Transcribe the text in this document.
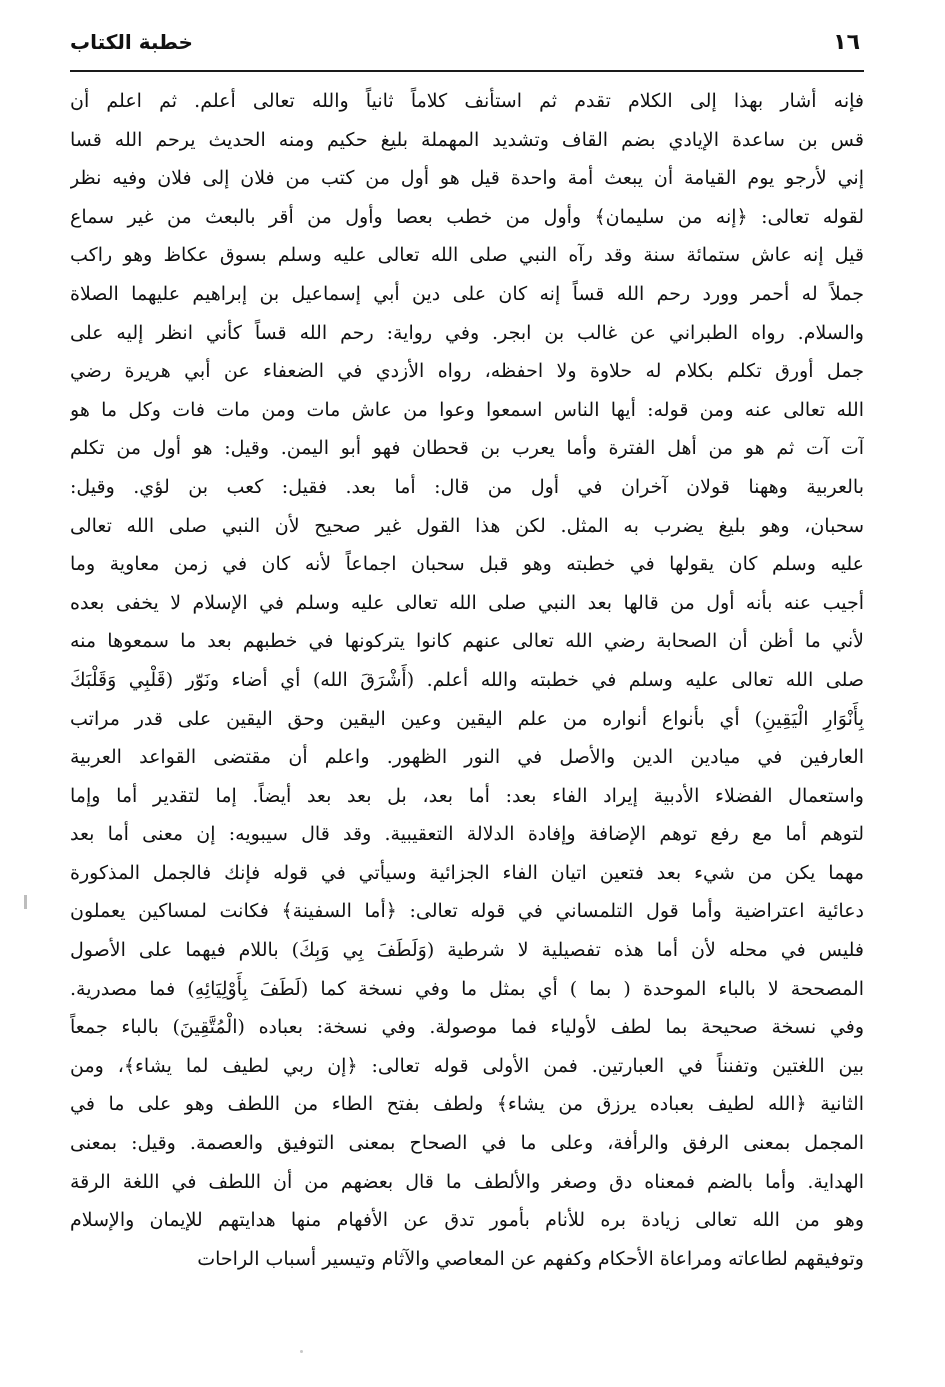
١٦
خطبة الكتاب
فإنه أشار بهذا إلى الكلام تقدم ثم استأنف كلاماً ثانياً والله تعالى أعلم. ثم اعلم أن
قس بن ساعدة الإيادي بضم القاف وتشديد المهملة بليغ حكيم ومنه الحديث يرحم الله قسا
إني لأرجو يوم القيامة أن يبعث أمة واحدة قيل هو أول من كتب من فلان إلى فلان وفيه نظر
لقوله تعالى: ﴿إنه من سليمان﴾ وأول من خطب بعصا وأول من أقر بالبعث من غير سماع
قيل إنه عاش ستمائة سنة وقد رآه النبي صلى الله تعالى عليه وسلم بسوق عكاظ وهو راكب
جملاً له أحمر وورد رحم الله قساً إنه كان على دين أبي إسماعيل بن إبراهيم عليهما الصلاة
والسلام. رواه الطبراني عن غالب بن ابجر. وفي رواية: رحم الله قساً كأني انظر إليه على
جمل أورق تكلم بكلام له حلاوة ولا احفظه، رواه الأزدي في الضعفاء عن أبي هريرة رضي
الله تعالى عنه ومن قوله: أيها الناس اسمعوا وعوا من عاش مات ومن مات فات وكل ما هو
آت آت ثم هو من أهل الفترة وأما يعرب بن قحطان فهو أبو اليمن. وقيل: هو أول من تكلم
بالعربية وههنا قولان آخران في أول من قال: أما بعد. فقيل: كعب بن لؤي. وقيل:
سحبان، وهو بليغ يضرب به المثل. لكن هذا القول غير صحيح لأن النبي صلى الله تعالى
عليه وسلم كان يقولها في خطبته وهو قبل سحبان اجماعاً لأنه كان في زمن معاوية وما
أجيب عنه بأنه أول من قالها بعد النبي صلى الله تعالى عليه وسلم في الإسلام لا يخفى بعده
لأني ما أظن أن الصحابة رضي الله تعالى عنهم كانوا يتركونها في خطبهم بعد ما سمعوها منه
صلى الله تعالى عليه وسلم في خطبته والله أعلم. (أَشْرَقَ الله) أي أضاء ونَوّر (قَلْبِي وَقَلْبَكَ
بِأَنْوَارِ الْيَقِينِ) أي بأنواع أنواره من علم اليقين وعين اليقين وحق اليقين على قدر مراتب
العارفين في ميادين الدين والأصل في النور الظهور. واعلم أن مقتضى القواعد العربية
واستعمال الفضلاء الأدبية إيراد الفاء بعد: أما بعد، بل بعد بعد أيضاً. إما لتقدير أما وإما
لتوهم أما مع رفع توهم الإضافة وإفادة الدلالة التعقيبية. وقد قال سيبويه: إن معنى أما بعد
مهما يكن من شيء بعد فتعين اتيان الفاء الجزائية وسيأتي في قوله فإنك فالجمل المذكورة
دعائية اعتراضية وأما قول التلمساني في قوله تعالى: ﴿أما السفينة﴾ فكانت لمساكين يعملون
فليس في محله لأن أما هذه تفصيلية لا شرطية (وَلَطَفَ بِي وَبِكَ) باللام فيهما على الأصول
المصححة لا بالباء الموحدة ( بما ) أي بمثل ما وفي نسخة كما (لَطَفَ بِأَوْلِيَائِهِ) فما مصدرية.
وفي نسخة صحيحة بما لطف لأولياء فما موصولة. وفي نسخة: بعباده (الْمُتَّقِينَ) بالباء جمعاً
بين اللغتين وتفنناً في العبارتين. فمن الأولى قوله تعالى: ﴿إن ربي لطيف لما يشاء﴾، ومن
الثانية ﴿الله لطيف بعباده يرزق من يشاء﴾ ولطف بفتح الطاء من اللطف وهو على ما في
المجمل بمعنى الرفق والرأفة، وعلى ما في الصحاح بمعنى التوفيق والعصمة. وقيل: بمعنى
الهداية. وأما بالضم فمعناه دق وصغر والألطف ما قال بعضهم من أن اللطف في اللغة الرقة
وهو من الله تعالى زيادة بره للأنام بأمور تدق عن الأفهام منها هدايتهم للإيمان والإسلام
وتوفيقهم لطاعاته ومراعاة الأحكام وكفهم عن المعاصي والآثام وتيسير أسباب الراحات
